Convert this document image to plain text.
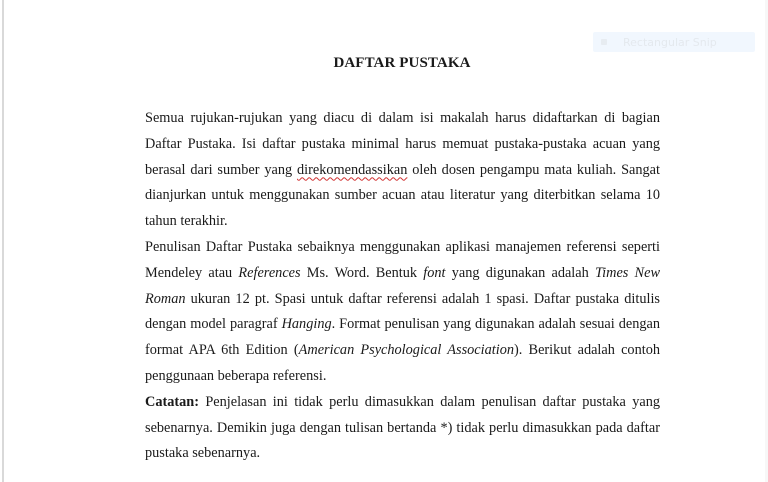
Rectangular Snip
DAFTAR PUSTAKA

Semua rujukan-rujukan yang diacu di dalam isi makalah harus didaftarkan di bagian Daftar Pustaka. Isi daftar pustaka minimal harus memuat pustaka-pustaka acuan yang berasal dari sumber yang direkomendassikan oleh dosen pengampu mata kuliah. Sangat dianjurkan untuk menggunakan sumber acuan atau literatur yang diterbitkan selama 10 tahun terakhir.

Penulisan Daftar Pustaka sebaiknya menggunakan aplikasi manajemen referensi seperti Mendeley atau References Ms. Word. Bentuk font yang digunakan adalah Times New Roman ukuran 12 pt. Spasi untuk daftar referensi adalah 1 spasi. Daftar pustaka ditulis dengan model paragraf Hanging. Format penulisan yang digunakan adalah sesuai dengan format APA 6th Edition (American Psychological Association). Berikut adalah contoh penggunaan beberapa referensi.

Catatan: Penjelasan ini tidak perlu dimasukkan dalam penulisan daftar pustaka yang sebenarnya. Demikin juga dengan tulisan bertanda *) tidak perlu dimasukkan pada daftar pustaka sebenarnya.
